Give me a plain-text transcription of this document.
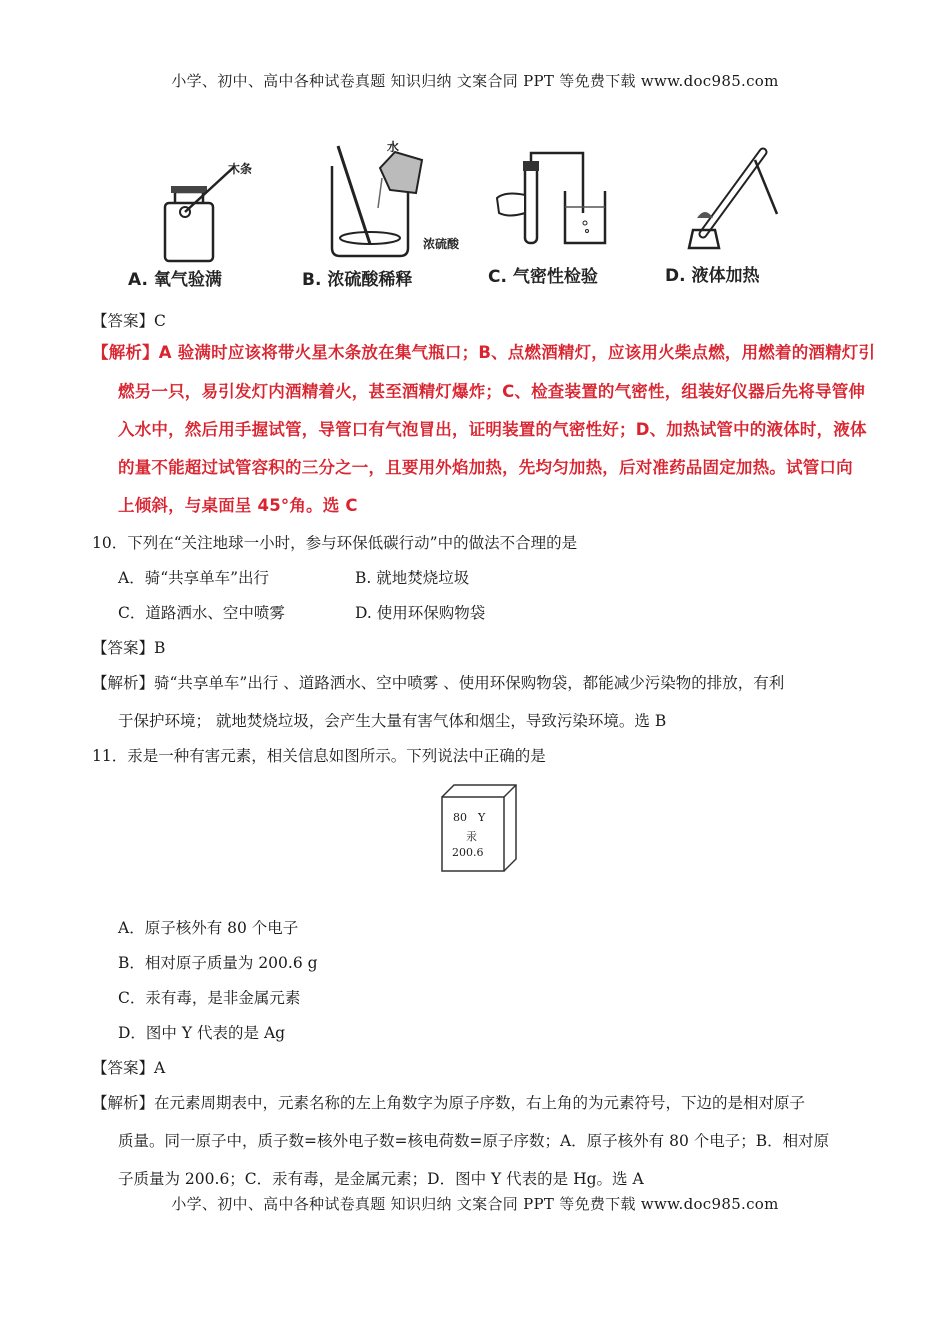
小学、初中、高中各种试卷真题 知识归纳 文案合同 PPT 等免费下载 www.doc985.com
木条
A. 氧气验满
水
浓硫酸
B. 浓硫酸稀释	C. 气密性检验	D. 液体加热
【答案】C
【解析】A 验满时应该将带火星木条放在集气瓶口；B、点燃酒精灯，应该用火柴点燃，用燃着的酒精灯引
燃另一只，易引发灯内酒精着火，甚至酒精灯爆炸；C、检查装置的气密性，组装好仪器后先将导管伸
入水中，然后用手握试管，导管口有气泡冒出，证明装置的气密性好；D、加热试管中的液体时，液体
的量不能超过试管容积的三分之一，且要用外焰加热，先均匀加热，后对准药品固定加热。试管口向
上倾斜，与桌面呈 45°角。选 C
10．下列在“关注地球一小时，参与环保低碳行动”中的做法不合理的是
A．骑“共享单车”出行	B. 就地焚烧垃圾
C．道路洒水、空中喷雾	D. 使用环保购物袋
【答案】B
【解析】骑“共享单车”出行 、道路洒水、空中喷雾 、使用环保购物袋，都能减少污染物的排放，有利
于保护环境； 就地焚烧垃圾，会产生大量有害气体和烟尘，导致污染环境。选 B
11．汞是一种有害元素，相关信息如图所示。下列说法中正确的是
80 Y
汞
200.6
A．原子核外有 80 个电子
B．相对原子质量为 200.6 g
C．汞有毒，是非金属元素
D．图中 Y 代表的是 Ag
【答案】A
【解析】在元素周期表中，元素名称的左上角数字为原子序数，右上角的为元素符号，下边的是相对原子
质量。同一原子中，质子数=核外电子数=核电荷数=原子序数；A．原子核外有 80 个电子；B．相对原
子质量为 200.6；C．汞有毒，是金属元素；D．图中 Y 代表的是 Hg。选 A
小学、初中、高中各种试卷真题 知识归纳 文案合同 PPT 等免费下载 www.doc985.com
